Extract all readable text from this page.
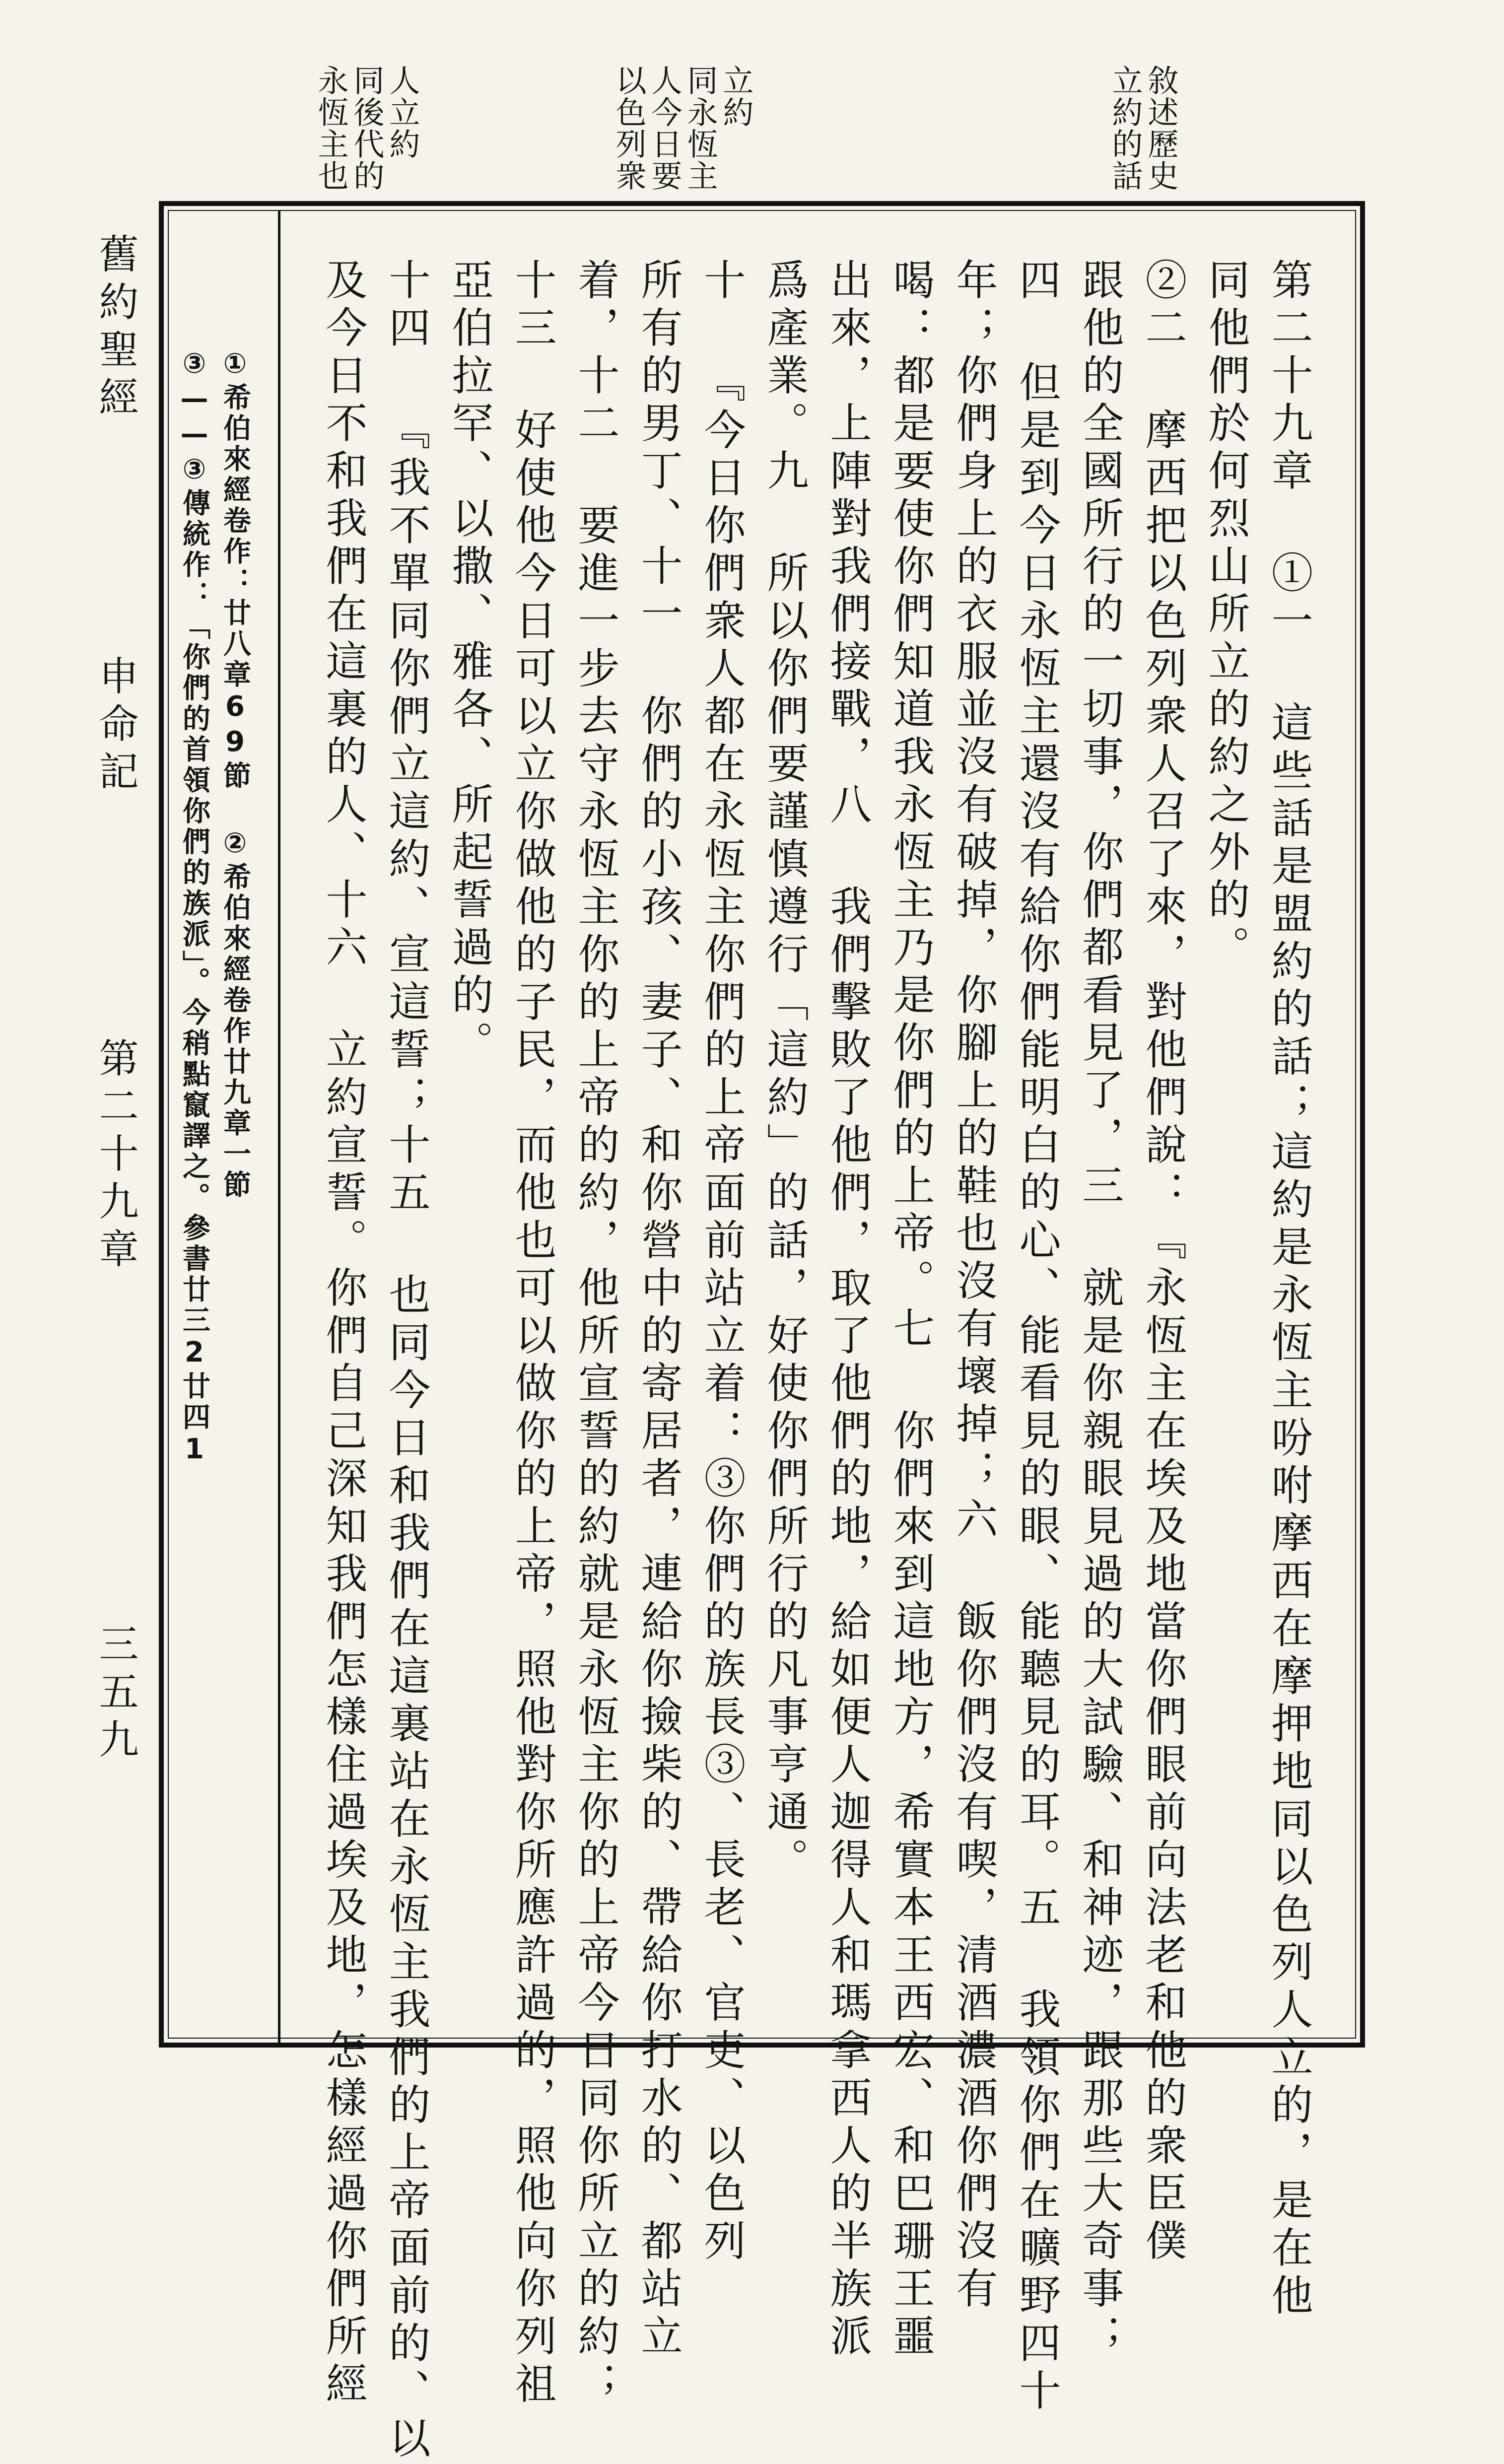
敘述歷史
立約的話
立約
同永恆主
人今日要
以色列衆
人立約
同後代的
永恆主也
舊約聖經
申命記
第二十九章
三五九	第二十九章 ①一 這些話是盟約的話；這約是永恆主吩咐摩西在摩押地同以色列人立的，是在他
同他們於何烈山所立的約之外的。
②二 摩西把以色列衆人召了來，對他們說：『永恆主在埃及地當你們眼前向法老和他的衆臣僕
跟他的全國所行的一切事，你們都看見了，三 就是你親眼見過的大試驗、和神迹，跟那些大奇事；
四 但是到今日永恆主還沒有給你們能明白的心、能看見的眼、能聽見的耳。五 我領你們在曠野四十
年；你們身上的衣服並沒有破掉，你腳上的鞋也沒有壞掉；六 飯你們沒有喫，清酒濃酒你們沒有
喝：都是要使你們知道我永恆主乃是你們的上帝。七 你們來到這地方，希實本王西宏、和巴珊王噩
出來，上陣對我們接戰，八 我們擊敗了他們，取了他們的地，給如便人迦得人和瑪拿西人的半族派
爲產業。九 所以你們要謹慎遵行「這約」的話，好使你們所行的凡事亨通。
十 『今日你們衆人都在永恆主你們的上帝面前站立着：③你們的族長③、長老、官吏、以色列
所有的男丁、十一 你們的小孩、妻子、和你營中的寄居者，連給你撿柴的、帶給你打水的、都站立
着，十二 要進一步去守永恆主你的上帝的約，他所宣誓的約就是永恆主你的上帝今日同你所立的約；
十三 好使他今日可以立你做他的子民，而他也可以做你的上帝，照他對你所應許過的，照他向你列祖
亞伯拉罕、以撒、雅各、所起誓過的。
十四 『我不單同你們立這約、宣這誓；十五 也同今日和我們在這裏站在永恆主我們的上帝面前的、以
及今日不和我們在這裏的人、十六 立約宣誓。你們自己深知我們怎樣住過埃及地，怎樣經過你們所經
①希伯來經卷作：廿八章69節 ②希伯來經卷作廿九章一節
③——③傳統作：「你們的首領你們的族派」。今稍點竄譯之。參書廿三2廿四1
